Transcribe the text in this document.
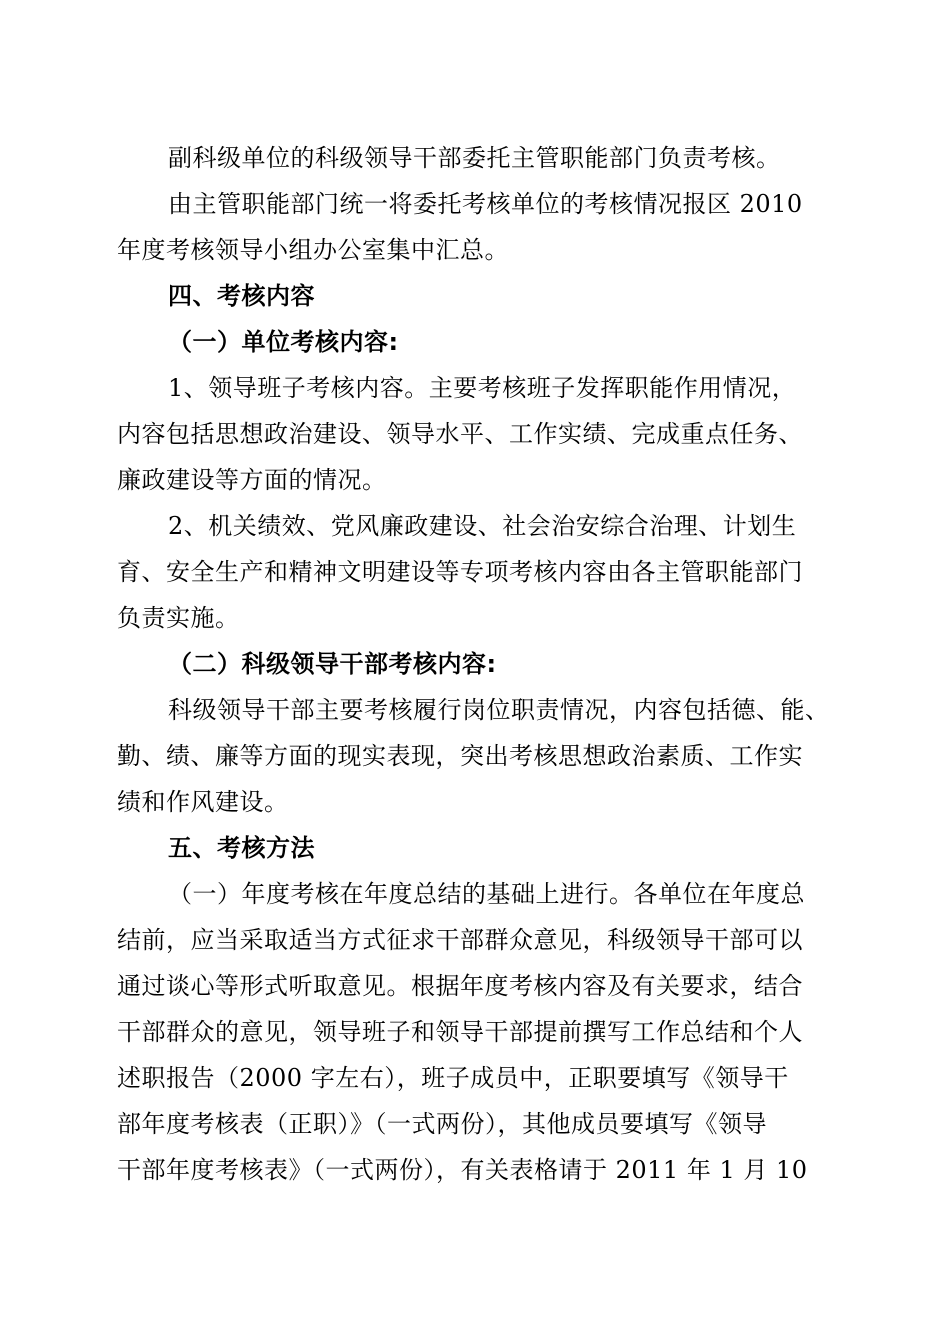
副科级单位的科级领导干部委托主管职能部门负责考核。
由主管职能部门统一将委托考核单位的考核情况报区 2010
年度考核领导小组办公室集中汇总。
四、考核内容
（一）单位考核内容:
1、领导班子考核内容。主要考核班子发挥职能作用情况，
内容包括思想政治建设、领导水平、工作实绩、完成重点任务、
廉政建设等方面的情况。
2、机关绩效、党风廉政建设、社会治安综合治理、计划生
育、安全生产和精神文明建设等专项考核内容由各主管职能部门
负责实施。
（二）科级领导干部考核内容:
科级领导干部主要考核履行岗位职责情况，内容包括德、能、
勤、绩、廉等方面的现实表现，突出考核思想政治素质、工作实
绩和作风建设。
五、考核方法
（一）年度考核在年度总结的基础上进行。各单位在年度总
结前，应当采取适当方式征求干部群众意见，科级领导干部可以
通过谈心等形式听取意见。根据年度考核内容及有关要求，结合
干部群众的意见，领导班子和领导干部提前撰写工作总结和个人
述职报告（2000 字左右），班子成员中，正职要填写《领导干
部年度考核表（正职）》（一式两份），其他成员要填写《领导
干部年度考核表》（一式两份），有关表格请于 2011 年 1 月 10
